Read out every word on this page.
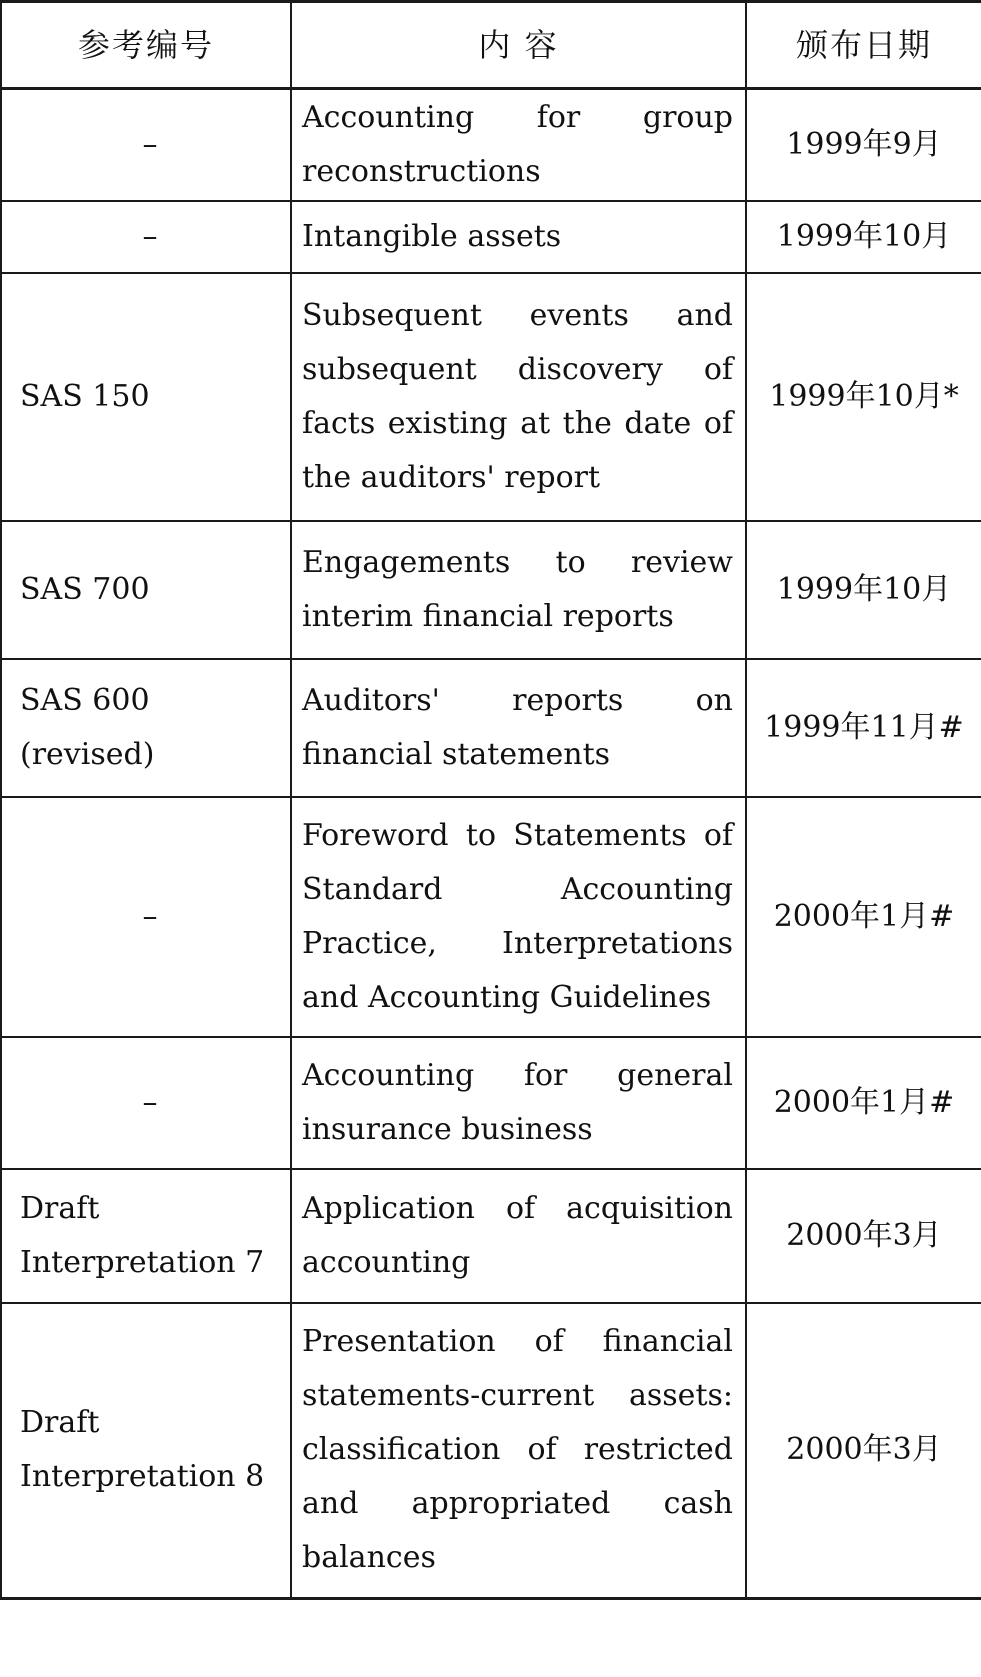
参考编号	内 容	颁布日期
–	Accounting for group reconstructions	1999年9月
–	Intangible assets	1999年10月
SAS 150	Subsequent events and subsequent discovery of facts existing at the date of the auditors' report	1999年10月*
SAS 700	Engagements to review interim financial reports	1999年10月
SAS 600 (revised)	Auditors' reports on financial statements	1999年11月#
–	Foreword to Statements of Standard Accounting Practice, Interpretations and Accounting Guidelines	2000年1月#
–	Accounting for general insurance business	2000年1月#
Draft Interpretation 7	Application of acquisition accounting	2000年3月
Draft Interpretation 8	Presentation of financial statements-current assets: classification of restricted and appropriated cash balances	2000年3月
